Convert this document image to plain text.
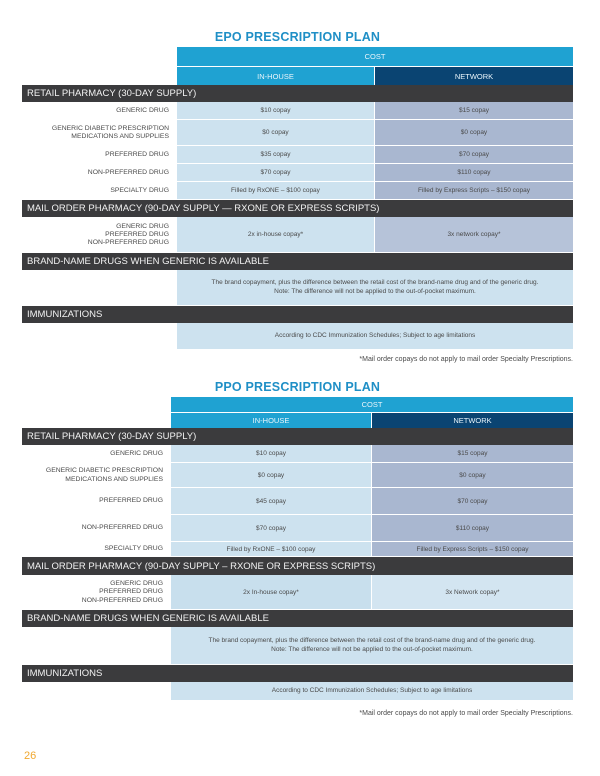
EPO PRESCRIPTION PLAN
COST
IN-HOUSE	NETWORK
RETAIL PHARMACY (30-DAY SUPPLY)
GENERIC DRUG	$10 copay	$15 copay
GENERIC DIABETIC PRESCRIPTION
MEDICATIONS AND SUPPLIES
$0 copay	$0 copay
PREFERRED DRUG	$35 copay	$70 copay
NON-PREFERRED DRUG	$70 copay	$110 copay
SPECIALTY DRUG	Filled by RxONE – $100 copay	Filled by Express Scripts – $150 copay
MAIL ORDER PHARMACY (90-DAY SUPPLY — RXONE OR EXPRESS SCRIPTS)
GENERIC DRUG
PREFERRED DRUG
NON-PREFERRED DRUG
2x in-house copay*	3x network copay*
BRAND-NAME DRUGS WHEN GENERIC IS AVAILABLE
The brand copayment, plus the difference between the retail cost of the brand-name drug and of the generic drug.
Note: The difference will not be applied to the out-of-pocket maximum.
IMMUNIZATIONS
According to CDC Immunization Schedules; Subject to age limitations
*Mail order copays do not apply to mail order Specialty Prescriptions.
PPO PRESCRIPTION PLAN
COST
IN-HOUSE	NETWORK
RETAIL PHARMACY (30-DAY SUPPLY)
GENERIC DRUG	$10 copay	$15 copay
GENERIC DIABETIC PRESCRIPTION
MEDICATIONS AND SUPPLIES
$0 copay	$0 copay
PREFERRED DRUG	$45 copay	$70 copay
NON-PREFERRED DRUG	$70 copay	$110 copay
SPECIALTY DRUG	Filled by RxONE – $100 copay	Filled by Express Scripts – $150 copay
MAIL ORDER PHARMACY (90-DAY SUPPLY – RXONE OR EXPRESS SCRIPTS)
GENERIC DRUG
PREFERRED DRUG
NON-PREFERRED DRUG
2x In-house copay*	3x Network copay*
BRAND-NAME DRUGS WHEN GENERIC IS AVAILABLE
The brand copayment, plus the difference between the retail cost of the brand-name drug and of the generic drug.
Note: The difference will not be applied to the out-of-pocket maximum.
IMMUNIZATIONS
According to CDC Immunization Schedules; Subject to age limitations
*Mail order copays do not apply to mail order Specialty Prescriptions.
26
